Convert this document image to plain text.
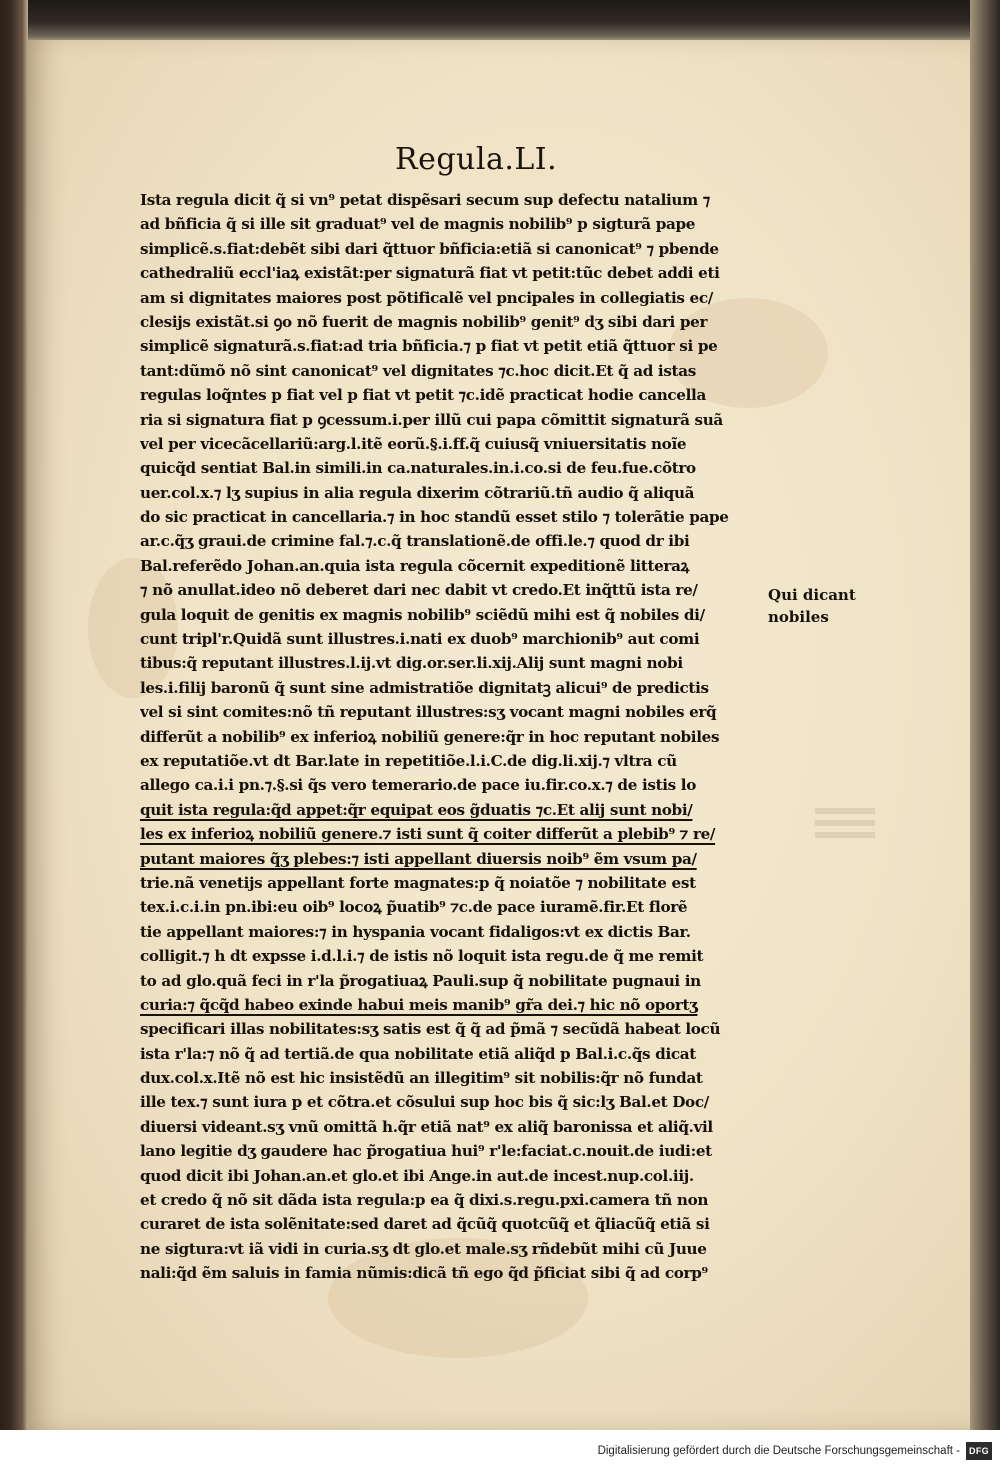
Regula.LI.
Ista regula dicit q̃ si vn⁹ petat dispẽsari secum sup defectu natalium ⁊
ad bñficia q̃ si ille sit graduat⁹ vel de magnis nobilib⁹ p sigturã pape
simplicẽ.s.fiat:debẽt sibi dari q̃ttuor bñficia:etiã si canonicat⁹ ⁊ pbende
cathedraliũ eccl'iaꝝ existãt:per signaturã fiat vt petit:tũc debet addi eti
am si dignitates maiores post põtificalẽ vel pncipales in collegiatis ec/
clesijs existãt.si ꝯo nõ fuerit de magnis nobilib⁹ genit⁹ dʒ sibi dari per
simplicẽ signaturã.s.fiat:ad tria bñficia.⁊ p fiat vt petit etiã q̃ttuor si pe
tant:dũmõ nõ sint canonicat⁹ vel dignitates ⁊c.hoc dicit.Et q̃ ad istas
regulas loq̃ntes p fiat vel p fiat vt petit ⁊c.idẽ practicat hodie cancella
ria si signatura fiat p ꝯcessum.i.per illũ cui papa cõmittit signaturã suã
vel per vicecãcellariũ:arg.l.itẽ eorũ.§.i.ff.q̃ cuiusq̃ vniuersitatis noĩe
quicq̃d sentiat Bal.in simili.in ca.naturales.in.i.co.si de feu.fue.cõtro
uer.col.x.⁊ lʒ supius in alia regula dixerim cõtrariũ.tñ audio q̃ aliquã
do sic practicat in cancellaria.⁊ in hoc standũ esset stilo ⁊ tolerãtie pape
ar.c.q̃ʒ graui.de crimine fal.⁊.c.q̃ translationẽ.de offi.le.⁊ quod dr ibi
Bal.referẽdo Johan.an.quia ista regula cõcernit expeditionẽ litteraꝝ
⁊ nõ anullat.ideo nõ deberet dari nec dabit vt credo.Et inq̃ttũ ista re/
gula loquit de genitis ex magnis nobilib⁹ sciẽdũ mihi est q̃ nobiles di/
cunt tripl'r.Quidã sunt illustres.i.nati ex duob⁹ marchionib⁹ aut comi
tibus:q̃ reputant illustres.l.ij.vt dig.or.ser.li.xij.Alij sunt magni nobi
les.i.filij baronũ q̃ sunt sine admistratiõe dignitatꝫ alicui⁹ de predictis
vel si sint comites:nõ tñ reputant illustres:sʒ vocant magni nobiles erq̃
differũt a nobilib⁹ ex inferioꝝ nobiliũ genere:q̃r in hoc reputant nobiles
ex reputatiõe.vt dt Bar.late in repetitiõe.l.i.C.de dig.li.xij.⁊ vltra cũ
allego ca.i.i pn.⁊.§.si q̃s vero temerario.de pace iu.fir.co.x.⁊ de istis lo
quit ista regula:q̃d appet:q̃r equipat eos g̃duatis ⁊c.Et alij sunt nobi/
les ex inferioꝝ nobiliũ genere.⁊ isti sunt q̃ coiter differũt a plebib⁹ ⁊ re/
putant maiores q̃ʒ plebes:⁊ isti appellant diuersis noib⁹ ẽm vsum pa/
trie.nã venetijs appellant forte magnates:p q̃ noiatõe ⁊ nobilitate est
tex.i.c.i.in pn.ibi:eu oib⁹ locoꝝ p̃uatib⁹ ⁊c.de pace iuramẽ.fir.Et florẽ
tie appellant maiores:⁊ in hyspania vocant fidaligos:vt ex dictis Bar.
colligit.⁊ h dt expsse i.d.l.i.⁊ de istis nõ loquit ista regu.de q̃ me remit
to ad glo.quã feci in r'la p̃rogatiuaꝝ Pauli.sup q̃ nobilitate pugnaui in
curia:⁊ q̃cq̃d habeo exinde habui meis manib⁹ gr̃a dei.⁊ hic nõ oportʒ
specificari illas nobilitates:sʒ satis est q̃ q̃ ad p̃mã ⁊ secũdã habeat locũ
ista r'la:⁊ nõ q̃ ad tertiã.de qua nobilitate etiã aliq̃d p Bal.i.c.q̃s dicat
dux.col.x.Itẽ nõ est hic insistẽdũ an illegitim⁹ sit nobilis:q̃r nõ fundat
ille tex.⁊ sunt iura p et cõtra.et cõsului sup hoc bis q̃ sic:lʒ Bal.et Doc/
diuersi videant.sʒ vnũ omittã h.q̃r etiã nat⁹ ex aliq̃ baronissa et aliq̃.vil
lano legitie dʒ gaudere hac p̃rogatiua hui⁹ r'le:faciat.c.nouit.de iudi:et
quod dicit ibi Johan.an.et glo.et ibi Ange.in aut.de incest.nup.col.iij.
et credo q̃ nõ sit dãda ista regula:p ea q̃ dixi.s.regu.pxi.camera tñ non
curaret de ista solẽnitate:sed daret ad q̃cũq̃ quotcũq̃ et q̃liacũq̃ etiã si
ne sigtura:vt iã vidi in curia.sʒ dt glo.et male.sʒ rñdebũt mihi cũ Juue
nali:q̃d ẽm saluis in famia nũmis:dicã tñ ego q̃d p̃ficiat sibi q̃ ad corp⁹
Qui dicant
nobiles
Digitalisierung gefördert durch die Deutsche Forschungsgemeinschaft -	DFG
